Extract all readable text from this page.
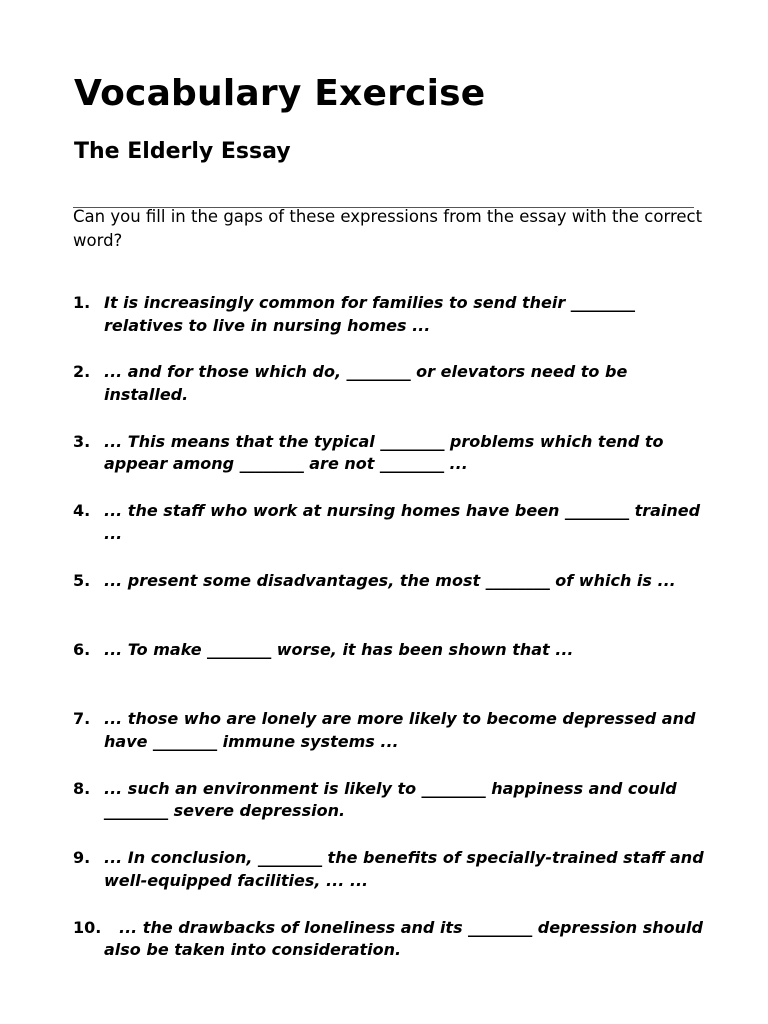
Vocabulary Exercise
The Elderly Essay

Can you fill in the gaps of these expressions from the essay with the correct word?

1. It is increasingly common for families to send their ________ relatives to live in nursing homes ...
2. ... and for those which do, ________ or elevators need to be installed.
3. ... This means that the typical ________ problems which tend to appear among ________ are not ________ ...
4. ... the staff who work at nursing homes have been ________ trained ...
5. ... present some disadvantages, the most ________ of which is ...
6. ... To make ________ worse, it has been shown that ...
7. ... those who are lonely are more likely to become depressed and have ________ immune systems ...
8. ... such an environment is likely to ________ happiness and could ________ severe depression.
9. ... In conclusion, ________ the benefits of specially-trained staff and well-equipped facilities, ... ...
10.	... the drawbacks of loneliness and its ________ depression should also be taken into consideration.
